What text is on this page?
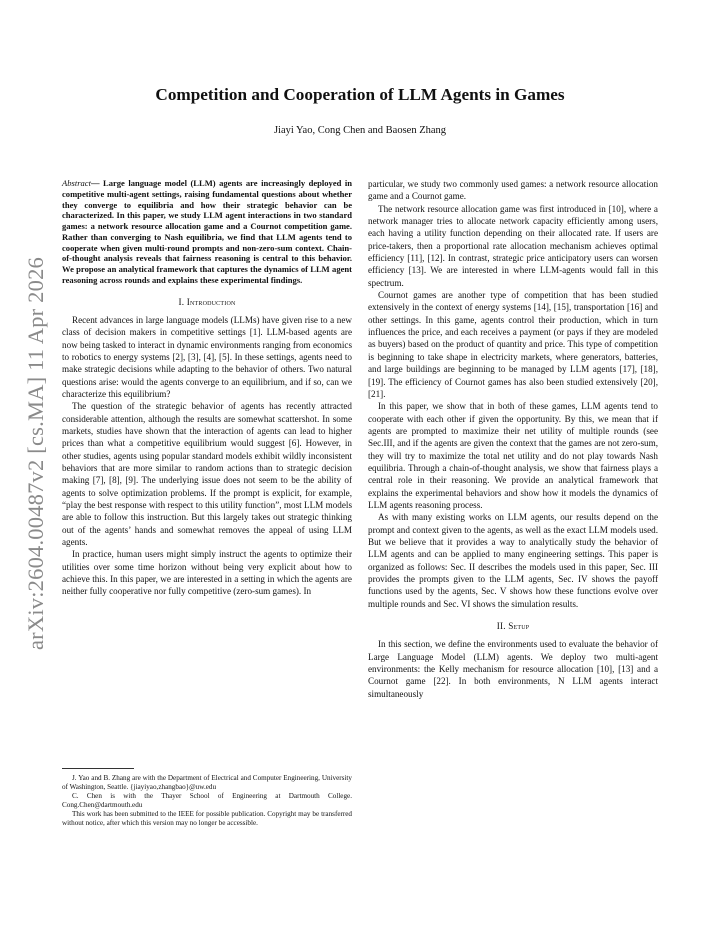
arXiv:2604.00487v2 [cs.MA] 11 Apr 2026
Competition and Cooperation of LLM Agents in Games
Jiayi Yao, Cong Chen and Baosen Zhang

Abstract— Large language model (LLM) agents are increasingly deployed in competitive multi-agent settings, raising fundamental questions about whether they converge to equilibria and how their strategic behavior can be characterized. In this paper, we study LLM agent interactions in two standard games: a network resource allocation game and a Cournot competition game. Rather than converging to Nash equilibria, we find that LLM agents tend to cooperate when given multi-round prompts and non-zero-sum context. Chain-of-thought analysis reveals that fairness reasoning is central to this behavior. We propose an analytical framework that captures the dynamics of LLM agent reasoning across rounds and explains these experimental findings.

I. Introduction

Recent advances in large language models (LLMs) have given rise to a new class of decision makers in competitive settings [1]. LLM-based agents are now being tasked to interact in dynamic environments ranging from economics to robotics to energy systems [2], [3], [4], [5]. In these settings, agents need to make strategic decisions while adapting to the behavior of others. Two natural questions arise: would the agents converge to an equilibrium, and if so, can we characterize this equilibrium?

The question of the strategic behavior of agents has recently attracted considerable attention, although the results are somewhat scattershot. In some markets, studies have shown that the interaction of agents can lead to higher prices than what a competitive equilibrium would suggest [6]. However, in other studies, agents using popular standard models exhibit wildly inconsistent behaviors that are more similar to random actions than to strategic decision making [7], [8], [9]. The underlying issue does not seem to be the ability of agents to solve optimization problems. If the prompt is explicit, for example, “play the best response with respect to this utility function”, most LLM models are able to follow this instruction. But this largely takes out strategic thinking out of the agents’ hands and somewhat removes the appeal of using LLM agents.

In practice, human users might simply instruct the agents to optimize their utilities over some time horizon without being very explicit about how to achieve this. In this paper, we are interested in a setting in which the agents are neither fully cooperative nor fully competitive (zero-sum games). In

J. Yao and B. Zhang are with the Department of Electrical and Computer Engineering, University of Washington, Seattle. {jiayiyao,zhangbao}@uw.edu

C. Chen is with the Thayer School of Engineering at Dartmouth College. Cong.Chen@dartmouth.edu

This work has been submitted to the IEEE for possible publication. Copyright may be transferred without notice, after which this version may no longer be accessible.

particular, we study two commonly used games: a network resource allocation game and a Cournot game.

The network resource allocation game was first introduced in [10], where a network manager tries to allocate network capacity efficiently among users, each having a utility function depending on their allocated rate. If users are price-takers, then a proportional rate allocation mechanism achieves optimal efficiency [11], [12]. In contrast, strategic price anticipatory users can worsen efficiency [13]. We are interested in where LLM-agents would fall in this spectrum.

Cournot games are another type of competition that has been studied extensively in the context of energy systems [14], [15], transportation [16] and other settings. In this game, agents control their production, which in turn influences the price, and each receives a payment (or pays if they are modeled as buyers) based on the product of quantity and price. This type of competition is beginning to take shape in electricity markets, where generators, batteries, and large buildings are beginning to be managed by LLM agents [17], [18], [19]. The efficiency of Cournot games has also been studied extensively [20], [21].

In this paper, we show that in both of these games, LLM agents tend to cooperate with each other if given the opportunity. By this, we mean that if agents are prompted to maximize their net utility of multiple rounds (see Sec.III, and if the agents are given the context that the games are not zero-sum, they will try to maximize the total net utility and do not play towards Nash equilibria. Through a chain-of-thought analysis, we show that fairness plays a central role in their reasoning. We provide an analytical framework that explains the experimental behaviors and show how it models the dynamics of LLM agents reasoning process.

As with many existing works on LLM agents, our results depend on the prompt and context given to the agents, as well as the exact LLM models used. But we believe that it provides a way to analytically study the behavior of LLM agents and can be applied to many engineering settings. This paper is organized as follows: Sec. II describes the models used in this paper, Sec. III provides the prompts given to the LLM agents, Sec. IV shows the payoff functions used by the agents, Sec. V shows how these functions evolve over multiple rounds and Sec. VI shows the simulation results.

II. Setup

In this section, we define the environments used to evaluate the behavior of Large Language Model (LLM) agents. We deploy two multi-agent environments: the Kelly mechanism for resource allocation [10], [13] and a Cournot game [22]. In both environments, N LLM agents interact simultaneously
